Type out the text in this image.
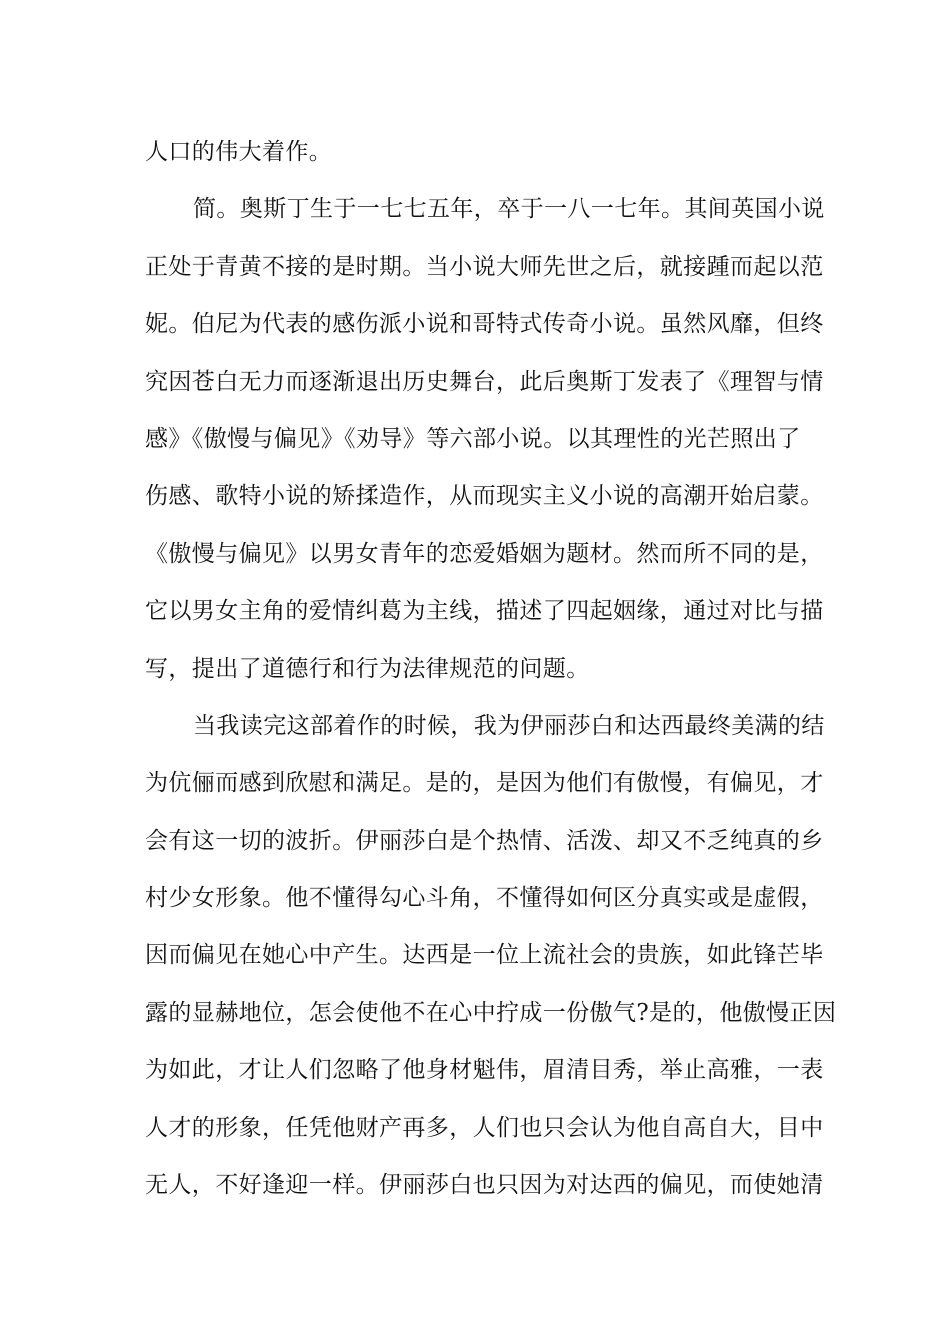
人口的伟大着作。
简。奥斯丁生于一七七五年，卒于一八一七年。其间英国小说
正处于青黄不接的是时期。当小说大师先世之后，就接踵而起以范
妮。伯尼为代表的感伤派小说和哥特式传奇小说。虽然风靡，但终
究因苍白无力而逐渐退出历史舞台，此后奥斯丁发表了《理智与情
感》《傲慢与偏见》《劝导》等六部小说。以其理性的光芒照出了
伤感、歌特小说的矫揉造作，从而现实主义小说的高潮开始启蒙。
《傲慢与偏见》以男女青年的恋爱婚姻为题材。然而所不同的是，
它以男女主角的爱情纠葛为主线，描述了四起姻缘，通过对比与描
写，提出了道德行和行为法律规范的问题。
当我读完这部着作的时候，我为伊丽莎白和达西最终美满的结
为伉俪而感到欣慰和满足。是的，是因为他们有傲慢，有偏见，才
会有这一切的波折。伊丽莎白是个热情、活泼、却又不乏纯真的乡
村少女形象。他不懂得勾心斗角，不懂得如何区分真实或是虚假，
因而偏见在她心中产生。达西是一位上流社会的贵族，如此锋芒毕
露的显赫地位，怎会使他不在心中拧成一份傲气?是的，他傲慢正因
为如此，才让人们忽略了他身材魁伟，眉清目秀，举止高雅，一表
人才的形象，任凭他财产再多，人们也只会认为他自高自大，目中
无人，不好逢迎一样。伊丽莎白也只因为对达西的偏见，而使她清
